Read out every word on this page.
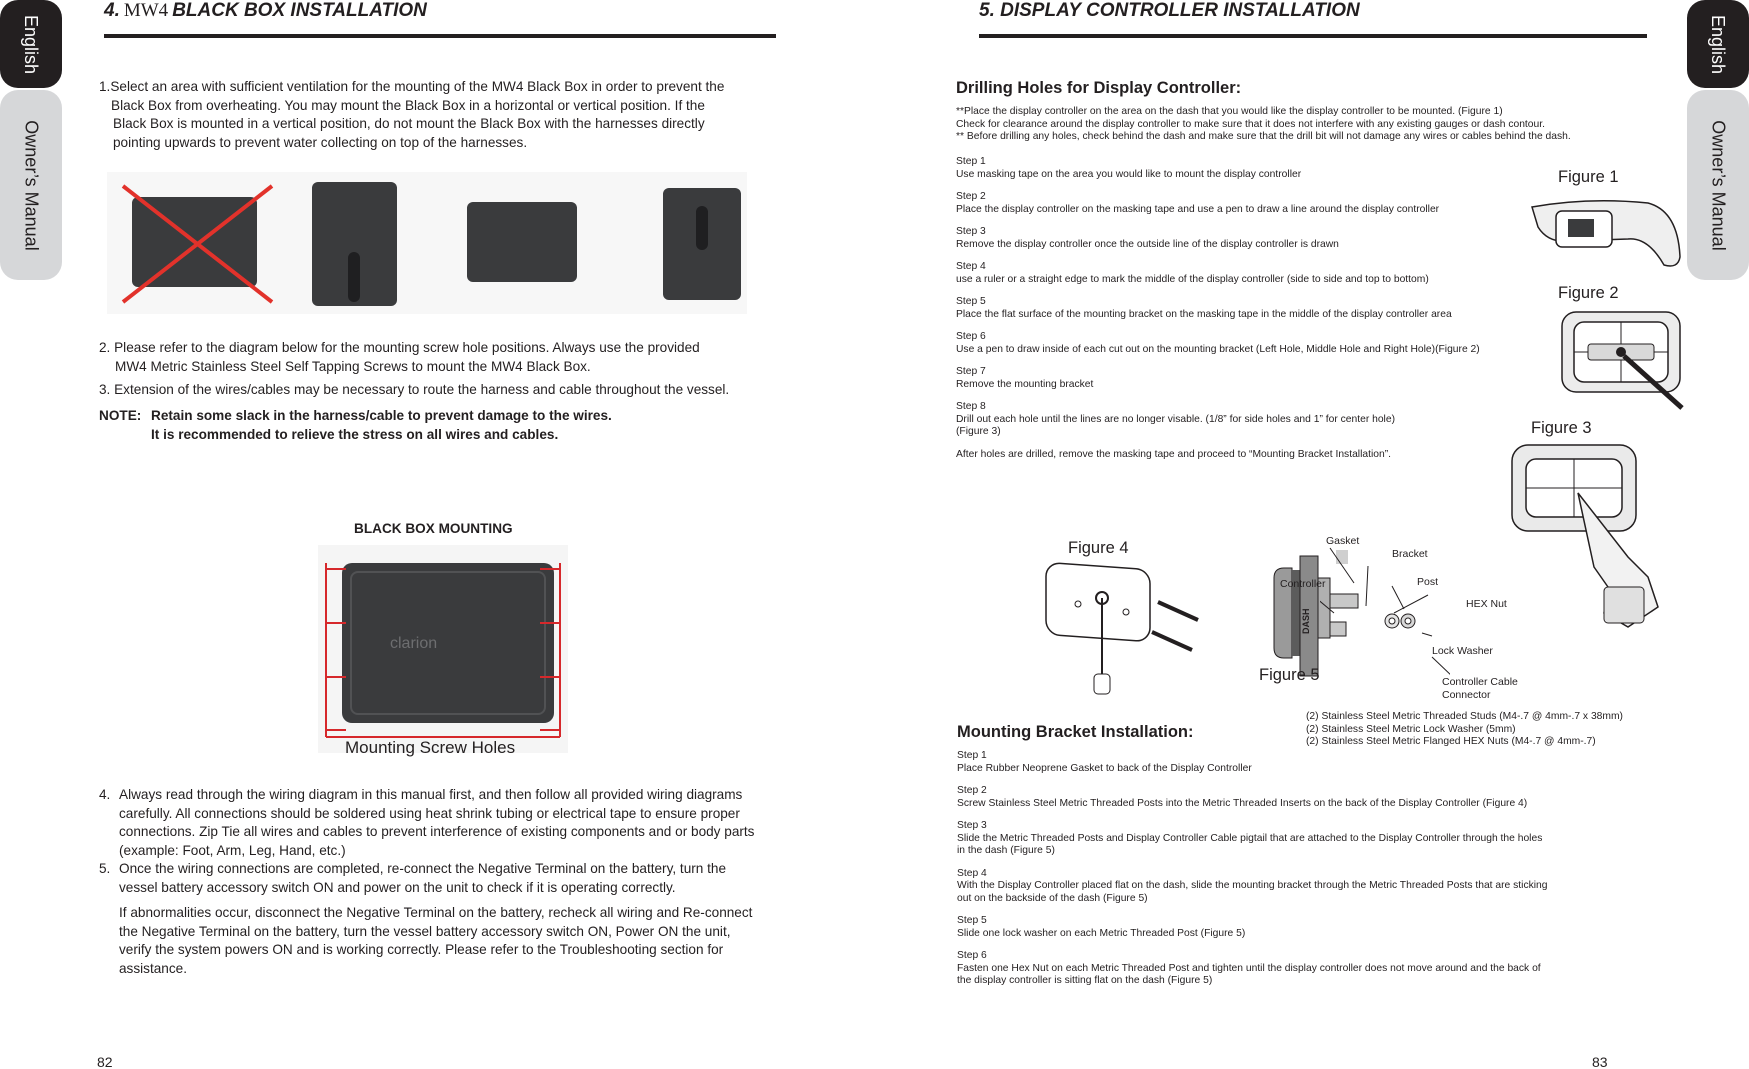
English
Owner’s Manual
4. MW4 BLACK BOX INSTALLATION
1.Select an area with sufficient ventilation for the mounting of the MW4 Black Box in order to prevent the
Black Box from overheating. You may mount the Black Box in a horizontal or vertical position. If the
Black Box is mounted in a vertical position, do not mount the Black Box with the harnesses directly
pointing upwards to prevent water collecting on top of the harnesses.
2. Please refer to the diagram below for the mounting screw hole positions. Always use the provided
MW4 Metric Stainless Steel Self Tapping Screws to mount the MW4 Black Box.
3. Extension of the wires/cables may be necessary to route the harness and cable throughout the vessel.
NOTE: Retain some slack in the harness/cable to prevent damage to the wires.
It is recommended to relieve the stress on all wires and cables.
BLACK BOX MOUNTING
clarion
Mounting Screw Holes
4. Always read through the wiring diagram in this manual first, and then follow all provided wiring diagrams
carefully. All connections should be soldered using heat shrink tubing or electrical tape to ensure proper
connections. Zip Tie all wires and cables to prevent interference of existing components and or body parts
(example: Foot, Arm, Leg, Hand, etc.)
5. Once the wiring connections are completed, re-connect the Negative Terminal on the battery, turn the
vessel battery accessory switch ON and power on the unit to check if it is operating correctly.
If abnormalities occur, disconnect the Negative Terminal on the battery, recheck all wiring and Re-connect
the Negative Terminal on the battery, turn the vessel battery accessory switch ON, Power ON the unit,
verify the system powers ON and is working correctly. Please refer to the Troubleshooting section for
assistance.
82
English
Owner’s Manual
5. DISPLAY CONTROLLER INSTALLATION
Drilling Holes for Display Controller:
**Place the display controller on the area on the dash that you would like the display controller to be mounted. (Figure 1)
Check for clearance around the display controller to make sure that it does not interfere with any existing gauges or dash contour.
** Before drilling any holes, check behind the dash and make sure that the drill bit will not damage any wires or cables behind the dash.
Step 1
Use masking tape on the area you would like to mount the display controller
Step 2
Place the display controller on the masking tape and use a pen to draw a line around the display controller
Step 3
Remove the display controller once the outside line of the display controller is drawn
Step 4
use a ruler or a straight edge to mark the middle of the display controller (side to side and top to bottom)
Step 5
Place the flat surface of the mounting bracket on the masking tape in the middle of the display controller area
Step 6
Use a pen to draw inside of each cut out on the mounting bracket (Left Hole, Middle Hole and Right Hole)(Figure 2)
Step 7
Remove the mounting bracket
Step 8
Drill out each hole until the lines are no longer visable. (1/8” for side holes and 1” for center hole)
(Figure 3)
After holes are drilled, remove the masking tape and proceed to “Mounting Bracket Installation”.
Figure 1
Figure 2
Figure 3
Figure 4
DASH
Gasket
Bracket
Controller	Post
HEX Nut
Lock Washer
Controller Cable
Connector
Figure 5
(2) Stainless Steel Metric Threaded Studs (M4-.7 @ 4mm-.7 x 38mm)
(2) Stainless Steel Metric Lock Washer (5mm)
(2) Stainless Steel Metric Flanged HEX Nuts (M4-.7 @ 4mm-.7)
Mounting Bracket Installation:
Step 1
Place Rubber Neoprene Gasket to back of the Display Controller
Step 2
Screw Stainless Steel Metric Threaded Posts into the Metric Threaded Inserts on the back of the Display Controller (Figure 4)
Step 3
Slide the Metric Threaded Posts and Display Controller Cable pigtail that are attached to the Display Controller through the holes
in the dash (Figure 5)
Step 4
With the Display Controller placed flat on the dash, slide the mounting bracket through the Metric Threaded Posts that are sticking
out on the backside of the dash (Figure 5)
Step 5
Slide one lock washer on each Metric Threaded Post (Figure 5)
Step 6
Fasten one Hex Nut on each Metric Threaded Post and tighten until the display controller does not move around and the back of
the display controller is sitting flat on the dash (Figure 5)
83
